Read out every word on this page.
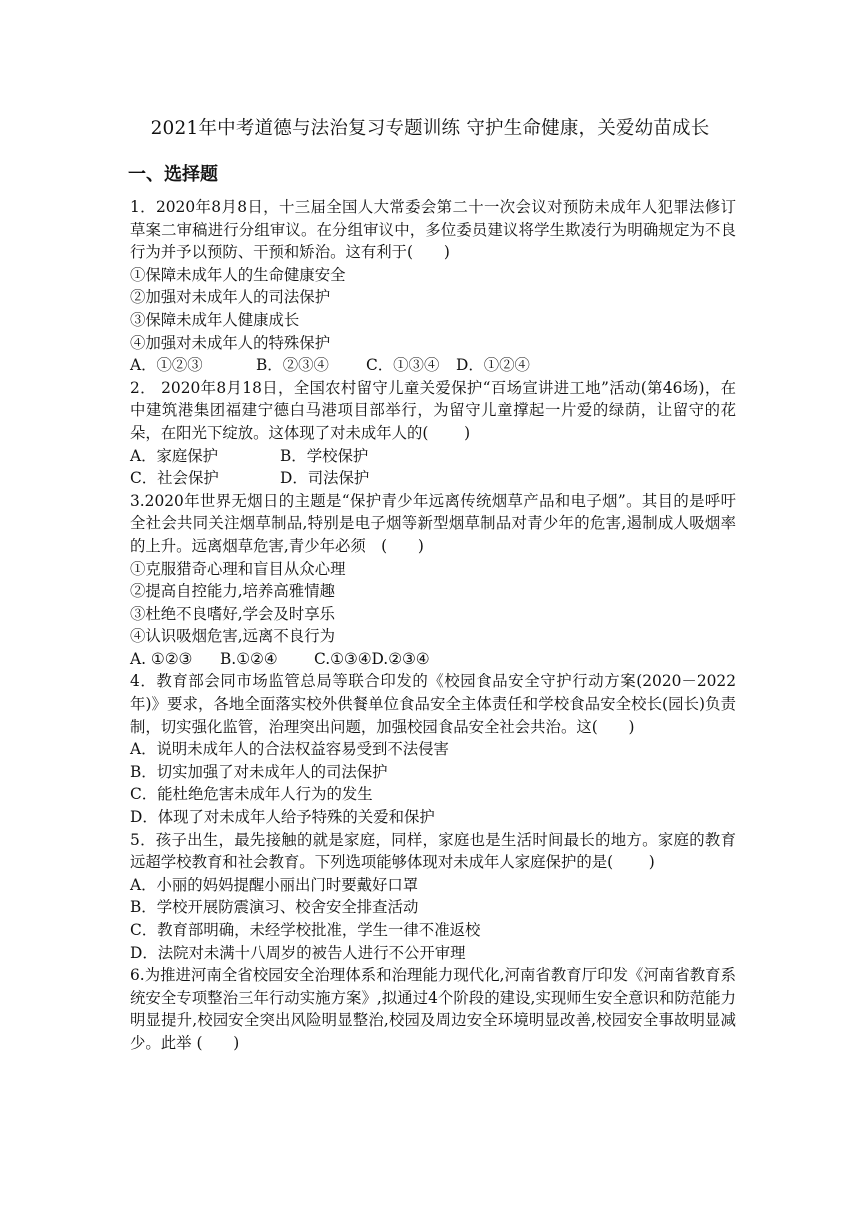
2021年中考道德与法治复习专题训练 守护生命健康，关爱幼苗成长
一、选择题

1．2020年8月8日，十三届全国人大常委会第二十一次会议对预防未成年人犯罪法修订草案二审稿进行分组审议。在分组审议中，多位委员建议将学生欺凌行为明确规定为不良行为并予以预防、干预和矫治。这有利于(　　)

①保障未成年人的生命健康安全

②加强对未成年人的司法保护

③保障未成年人健康成长

④加强对未成年人的特殊保护

A．①②③	B．②③④ C．①③④ D．①②④

2． 2020年8月18日，全国农村留守儿童关爱保护“百场宣讲进工地”活动(第46场)，在中建筑港集团福建宁德白马港项目部举行，为留守儿童撑起一片爱的绿荫，让留守的花朵，在阳光下绽放。这体现了对未成年人的(　　 )

A．家庭保护	B．学校保护

C．社会保护	D．司法保护

3.2020年世界无烟日的主题是“保护青少年远离传统烟草产品和电子烟”。其目的是呼吁全社会共同关注烟草制品,特别是电子烟等新型烟草制品对青少年的危害,遏制成人吸烟率的上升。远离烟草危害,青少年必须　(　　)

①克服猎奇心理和盲目从众心理

②提高自控能力,培养高雅情趣

③杜绝不良嗜好,学会及时享乐

④认识吸烟危害,远离不良行为

A. ①②③ B.①②④ C.①③④D.②③④

4．教育部会同市场监管总局等联合印发的《校园食品安全守护行动方案(2020－2022年)》要求，各地全面落实校外供餐单位食品安全主体责任和学校食品安全校长(园长)负责制，切实强化监管，治理突出问题，加强校园食品安全社会共治。这(　　)

A．说明未成年人的合法权益容易受到不法侵害

B．切实加强了对未成年人的司法保护

C．能杜绝危害未成年人行为的发生

D．体现了对未成年人给予特殊的关爱和保护

5．孩子出生，最先接触的就是家庭，同样，家庭也是生活时间最长的地方。家庭的教育远超学校教育和社会教育。下列选项能够体现对未成年人家庭保护的是(　　 )

A．小丽的妈妈提醒小丽出门时要戴好口罩

B．学校开展防震演习、校舍安全排查活动

C．教育部明确，未经学校批准，学生一律不准返校

D．法院对未满十八周岁的被告人进行不公开审理

6.为推进河南全省校园安全治理体系和治理能力现代化,河南省教育厅印发《河南省教育系统安全专项整治三年行动实施方案》,拟通过4个阶段的建设,实现师生安全意识和防范能力明显提升,校园安全突出风险明显整治,校园及周边安全环境明显改善,校园安全事故明显减少。此举 (　　)
